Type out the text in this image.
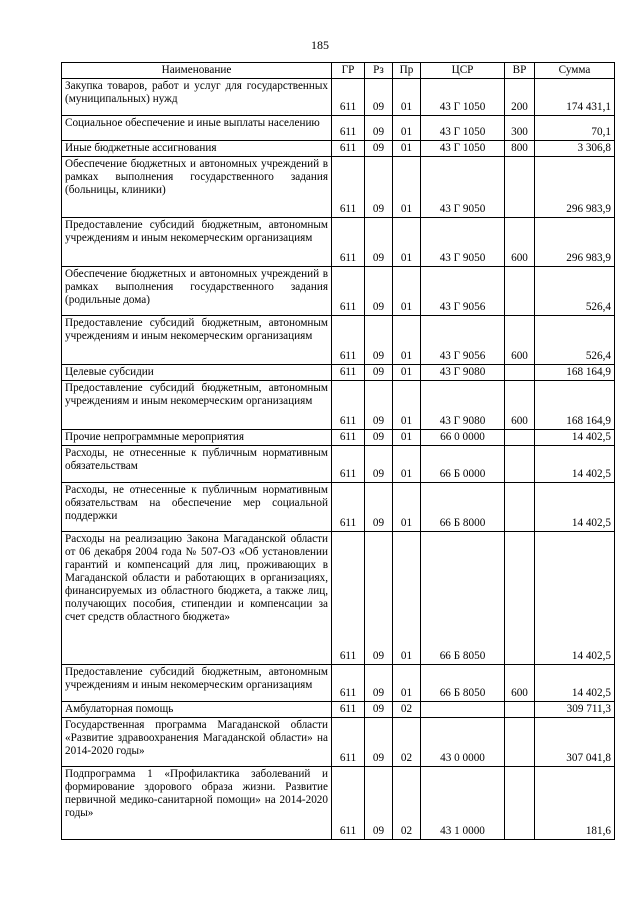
185
Наименование	ГР	Рз	Пр	ЦСР	ВР	Сумма
Закупка товаров, работ и услуг для государственных (муниципальных) нужд	611	09	01	43 Г 1050	200	174 431,1
Социальное обеспечение и иные выплаты населению	611	09	01	43 Г 1050	300	70,1
Иные бюджетные ассигнования	611	09	01	43 Г 1050	800	3 306,8
Обеспечение бюджетных и автономных учреждений в рамках выполнения государственного задания (больницы, клиники)	611	09	01	43 Г 9050		296 983,9
Предоставление субсидий бюджетным, автономным учреждениям и иным некомерческим организациям	611	09	01	43 Г 9050	600	296 983,9
Обеспечение бюджетных и автономных учреждений в рамках выполнения государственного задания (родильные дома)	611	09	01	43 Г 9056		526,4
Предоставление субсидий бюджетным, автономным учреждениям и иным некомерческим организациям	611	09	01	43 Г 9056	600	526,4
Целевые субсидии	611	09	01	43 Г 9080		168 164,9
Предоставление субсидий бюджетным, автономным учреждениям и иным некомерческим организациям	611	09	01	43 Г 9080	600	168 164,9
Прочие непрограммные мероприятия	611	09	01	66 0 0000		14 402,5
Расходы, не отнесенные к публичным нормативным обязательствам	611	09	01	66 Б 0000		14 402,5
Расходы, не отнесенные к публичным нормативным обязательствам на обеспечение мер социальной поддержки	611	09	01	66 Б 8000		14 402,5
Расходы на реализацию Закона Магаданской области от 06 декабря 2004 года № 507-ОЗ «Об установлении гарантий и компенсаций для лиц, проживающих в Магаданской области и работающих в организациях, финансируемых из областного бюджета, а также лиц, получающих пособия, стипендии и компенсации за счет средств областного бюджета»	611	09	01	66 Б 8050		14 402,5
Предоставление субсидий бюджетным, автономным учреждениям и иным некомерческим организациям	611	09	01	66 Б 8050	600	14 402,5
Амбулаторная помощь	611	09	02			309 711,3
Государственная программа Магаданской области «Развитие здравоохранения Магаданской области» на 2014-2020 годы»	611	09	02	43 0 0000		307 041,8
Подпрограмма 1 «Профилактика заболеваний и формирование здорового образа жизни. Развитие первичной медико-санитарной помощи» на 2014-2020 годы»	611	09	02	43 1 0000		181,6
